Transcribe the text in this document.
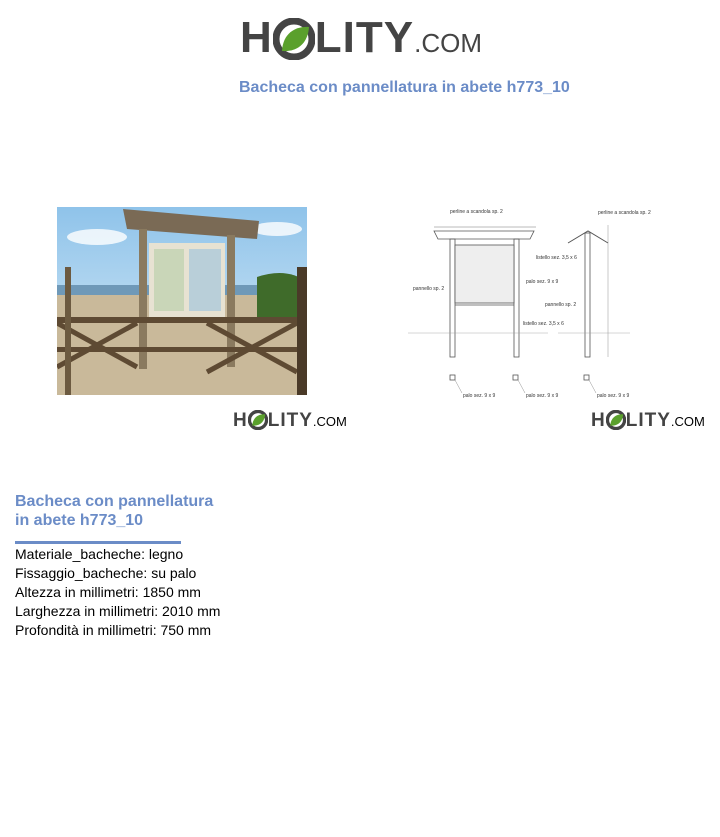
H LITY.COM
Bacheca con pannellatura in abete h773_10
H LITY.COM
perline a scandola sp. 2	perline a scandola sp. 2
listello sez. 3,5 x 6
palo sez. 9 x 9
pannello sp. 2
pannello sp. 2
listello sez. 3,5 x 6
palo sez. 9 x 9	palo sez. 9 x 9	palo sez. 9 x 9
H LITY.COM
Bacheca con pannellatura
in abete h773_10
Materiale_bacheche: legno
Fissaggio_bacheche: su palo
Altezza in millimetri: 1850 mm
Larghezza in millimetri: 2010 mm
Profondità in millimetri: 750 mm
